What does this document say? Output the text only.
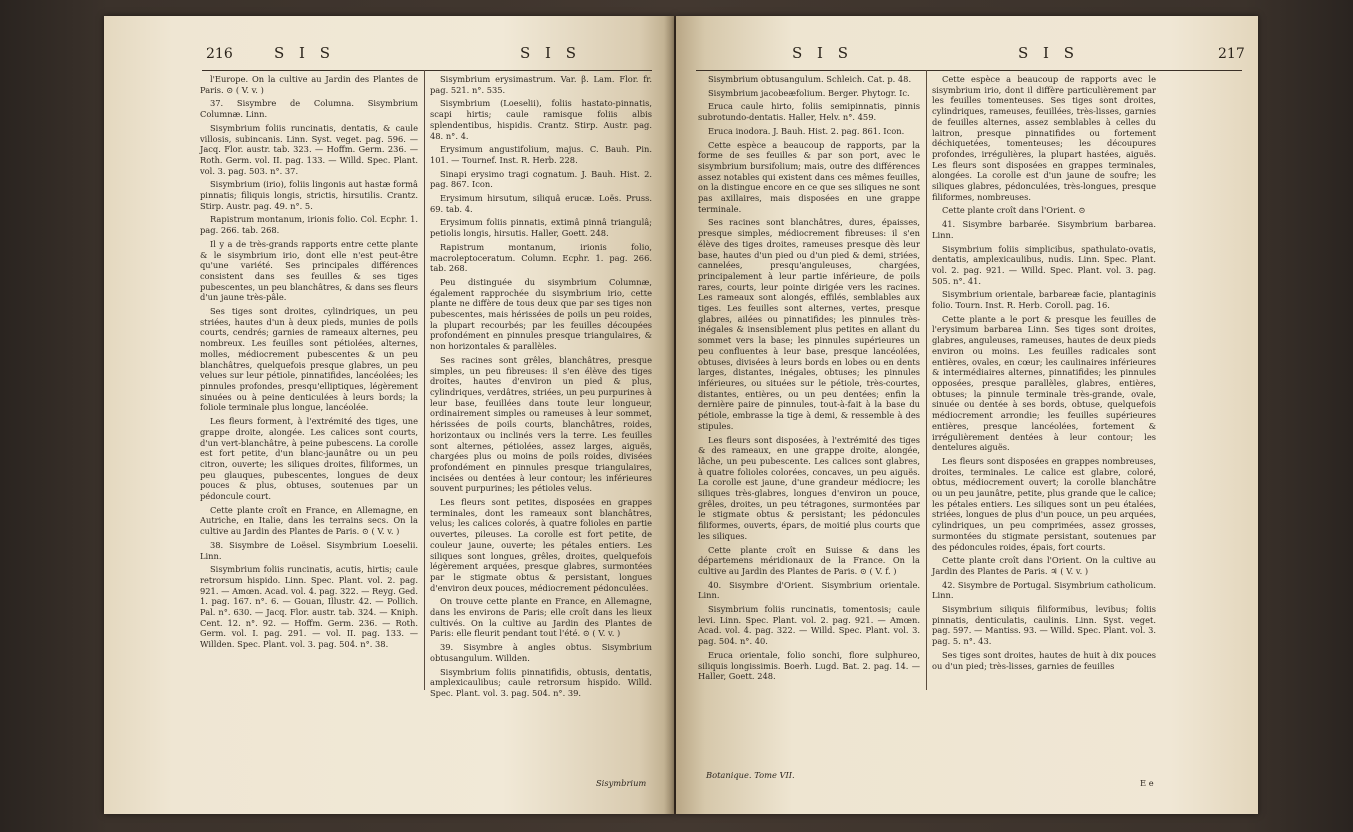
216	S I S	S I S

l'Europe. On la cultive au Jardin des Plantes de Paris. ⊙ ( V. v. )

37. Sisymbre de Columna. Sisymbrium Columnæ. Linn.

Sisymbrium foliis runcinatis, dentatis, & caule villosis, subincanis. Linn. Syst. veget. pag. 596. — Jacq. Flor. austr. tab. 323. — Hoffm. Germ. 236. — Roth. Germ. vol. II. pag. 133. — Willd. Spec. Plant. vol. 3. pag. 503. n°. 37.

Sisymbrium (irio), foliis lingonis aut hastæ formâ pinnatis; filiquis longis, strictis, hirsutilis. Crantz. Stirp. Austr. pag. 49. n°. 5.

Rapistrum montanum, irionis folio. Col. Ecphr. 1. pag. 266. tab. 268.

Il y a de très-grands rapports entre cette plante & le sisymbrium irio, dont elle n'est peut-être qu'une variété. Ses principales différences consistent dans ses feuilles & ses tiges pubescentes, un peu blanchâtres, & dans ses fleurs d'un jaune très-pâle.

Ses tiges sont droites, cylindriques, un peu striées, hautes d'un à deux pieds, munies de poils courts, cendrés; garnies de rameaux alternes, peu nombreux. Les feuilles sont pétiolées, alternes, molles, médiocrement pubescentes & un peu blanchâtres, quelquefois presque glabres, un peu velues sur leur pétiole, pinnatifides, lancéolées; les pinnules profondes, presqu'elliptiques, légèrement sinuées ou à peine denticulées à leurs bords; la foliole terminale plus longue, lancéolée.

Les fleurs forment, à l'extrémité des tiges, une grappe droite, alongée. Les calices sont courts, d'un vert-blanchâtre, à peine pubescens. La corolle est fort petite, d'un blanc-jaunâtre ou un peu citron, ouverte; les siliques droites, filiformes, un peu glauques, pubescentes, longues de deux pouces & plus, obtuses, soutenues par un pédoncule court.

Cette plante croît en France, en Allemagne, en Autriche, en Italie, dans les terrains secs. On la cultive au Jardin des Plantes de Paris. ⊙ ( V. v. )

38. Sisymbre de Loësel. Sisymbrium Loeselii. Linn.

Sisymbrium foliis runcinatis, acutis, hirtis; caule retrorsum hispido. Linn. Spec. Plant. vol. 2. pag. 921. — Amœn. Acad. vol. 4. pag. 322. — Reyg. Ged. 1. pag. 167. n°. 6. — Gouan, Illustr. 42. — Pollich. Pal. n°. 630. — Jacq. Flor. austr. tab. 324. — Kniph. Cent. 12. n°. 92. — Hoffm. Germ. 236. — Roth. Germ. vol. I. pag. 291. — vol. II. pag. 133. — Willden. Spec. Plant. vol. 3. pag. 504. n°. 38.

Sisymbrium erysimastrum. Var. β. Lam. Flor. fr. pag. 521. n°. 535.

Sisymbrium (Loeselii), foliis hastato-pinnatis, scapi hirtis; caule ramisque foliis albis splendentibus, hispidis. Crantz. Stirp. Austr. pag. 48. n°. 4.

Erysimum angustifolium, majus. C. Bauh. Pin. 101. — Tournef. Inst. R. Herb. 228.

Sinapi erysimo tragi cognatum. J. Bauh. Hist. 2. pag. 867. Icon.

Erysimum hirsutum, siliquâ erucæ. Loës. Pruss. 69. tab. 4.

Erysimum foliis pinnatis, extimâ pinnâ triangulâ; petiolis longis, hirsutis. Haller, Goett. 248.

Rapistrum montanum, irionis folio, macroleptoceratum. Column. Ecphr. 1. pag. 266. tab. 268.

Peu distinguée du sisymbrium Columnæ, également rapprochée du sisymbrium irio, cette plante ne diffère de tous deux que par ses tiges non pubescentes, mais hérissées de poils un peu roides, la plupart recourbés; par les feuilles découpées profondément en pinnules presque triangulaires, & non horizontales & parallèles.

Ses racines sont grêles, blanchâtres, presque simples, un peu fibreuses: il s'en élève des tiges droites, hautes d'environ un pied & plus, cylindriques, verdâtres, striées, un peu purpurines à leur base, feuillées dans toute leur longueur, ordinairement simples ou rameuses à leur sommet, hérissées de poils courts, blanchâtres, roides, horizontaux ou inclinés vers la terre. Les feuilles sont alternes, pétiolées, assez larges, aiguës, chargées plus ou moins de poils roides, divisées profondément en pinnules presque triangulaires, incisées ou dentées à leur contour; les inférieures souvent purpurines; les pétioles velus.

Les fleurs sont petites, disposées en grappes terminales, dont les rameaux sont blanchâtres, velus; les calices colorés, à quatre folioles en partie ouvertes, pileuses. La corolle est fort petite, de couleur jaune, ouverte; les pétales entiers. Les siliques sont longues, grêles, droites, quelquefois légèrement arquées, presque glabres, surmontées par le stigmate obtus & persistant, longues d'environ deux pouces, médiocrement pédonculées.

On trouve cette plante en France, en Allemagne, dans les environs de Paris; elle croît dans les lieux cultivés. On la cultive au Jardin des Plantes de Paris: elle fleurit pendant tout l'été. ⊙ ( V. v. )

39. Sisymbre à angles obtus. Sisymbrium obtusangulum. Willden.

Sisymbrium foliis pinnatifidis, obtusis, dentatis, amplexicaulibus; caule retrorsum hispido. Willd. Spec. Plant. vol. 3. pag. 504. n°. 39.

Sisymbrium
S I S	S I S	217

Sisymbrium obtusangulum. Schleich. Cat. p. 48.

Sisymbrium jacobeæfolium. Berger. Phytogr. Ic.

Eruca caule hirto, foliis semipinnatis, pinnis subrotundo-dentatis. Haller, Helv. n°. 459.

Eruca inodora. J. Bauh. Hist. 2. pag. 861. Icon.

Cette espèce a beaucoup de rapports, par la forme de ses feuilles & par son port, avec le sisymbrium bursifolium; mais, outre des différences assez notables qui existent dans ces mêmes feuilles, on la distingue encore en ce que ses siliques ne sont pas axillaires, mais disposées en une grappe terminale.

Ses racines sont blanchâtres, dures, épaisses, presque simples, médiocrement fibreuses: il s'en élève des tiges droites, rameuses presque dès leur base, hautes d'un pied ou d'un pied & demi, striées, cannelées, presqu'anguleuses, chargées, principalement à leur partie inférieure, de poils rares, courts, leur pointe dirigée vers les racines. Les rameaux sont alongés, effilés, semblables aux tiges. Les feuilles sont alternes, vertes, presque glabres, ailées ou pinnatifides; les pinnules très-inégales & insensiblement plus petites en allant du sommet vers la base; les pinnules supérieures un peu confluentes à leur base, presque lancéolées, obtuses, divisées à leurs bords en lobes ou en dents larges, distantes, inégales, obtuses; les pinnules inférieures, ou situées sur le pétiole, très-courtes, distantes, entières, ou un peu dentées; enfin la dernière paire de pinnules, tout-à-fait à la base du pétiole, embrasse la tige à demi, & ressemble à des stipules.

Les fleurs sont disposées, à l'extrémité des tiges & des rameaux, en une grappe droite, alongée, lâche, un peu pubescente. Les calices sont glabres, à quatre folioles colorées, concaves, un peu aiguës. La corolle est jaune, d'une grandeur médiocre; les siliques très-glabres, longues d'environ un pouce, grêles, droites, un peu tétragones, surmontées par le stigmate obtus & persistant; les pédoncules filiformes, ouverts, épars, de moitié plus courts que les siliques.

Cette plante croît en Suisse & dans les départemens méridionaux de la France. On la cultive au Jardin des Plantes de Paris. ⊙ ( V. f. )

40. Sisymbre d'Orient. Sisymbrium orientale. Linn.

Sisymbrium foliis runcinatis, tomentosis; caule levi. Linn. Spec. Plant. vol. 2. pag. 921. — Amœn. Acad. vol. 4. pag. 322. — Willd. Spec. Plant. vol. 3. pag. 504. n°. 40.

Eruca orientale, folio sonchi, flore sulphureo, siliquis longissimis. Boerh. Lugd. Bat. 2. pag. 14. — Haller, Goett. 248.

Cette espèce a beaucoup de rapports avec le sisymbrium irio, dont il diffère particulièrement par les feuilles tomenteuses. Ses tiges sont droites, cylindriques, rameuses, feuillées, très-lisses, garnies de feuilles alternes, assez semblables à celles du laitron, presque pinnatifides ou fortement déchiquetées, tomenteuses; les découpures profondes, irrégulières, la plupart hastées, aiguës. Les fleurs sont disposées en grappes terminales, alongées. La corolle est d'un jaune de soufre; les siliques glabres, pédonculées, très-longues, presque filiformes, nombreuses.

Cette plante croît dans l'Orient. ⊙

41. Sisymbre barbarée. Sisymbrium barbarea. Linn.

Sisymbrium foliis simplicibus, spathulato-ovatis, dentatis, amplexicaulibus, nudis. Linn. Spec. Plant. vol. 2. pag. 921. — Willd. Spec. Plant. vol. 3. pag. 505. n°. 41.

Sisymbrium orientale, barbareæ facie, plantaginis folio. Tourn. Inst. R. Herb. Coroll. pag. 16.

Cette plante a le port & presque les feuilles de l'erysimum barbarea Linn. Ses tiges sont droites, glabres, anguleuses, rameuses, hautes de deux pieds environ ou moins. Les feuilles radicales sont entières, ovales, en cœur; les caulinaires inférieures & intermédiaires alternes, pinnatifides; les pinnules opposées, presque parallèles, glabres, entières, obtuses; la pinnule terminale très-grande, ovale, sinuée ou dentée à ses bords, obtuse, quelquefois médiocrement arrondie; les feuilles supérieures entières, presque lancéolées, fortement & irrégulièrement dentées à leur contour; les dentelures aiguës.

Les fleurs sont disposées en grappes nombreuses, droites, terminales. Le calice est glabre, coloré, obtus, médiocrement ouvert; la corolle blanchâtre ou un peu jaunâtre, petite, plus grande que le calice; les pétales entiers. Les siliques sont un peu étalées, striées, longues de plus d'un pouce, un peu arquées, cylindriques, un peu comprimées, assez grosses, surmontées du stigmate persistant, soutenues par des pédoncules roides, épais, fort courts.

Cette plante croît dans l'Orient. On la cultive au Jardin des Plantes de Paris. ♃ ( V. v. )

42. Sisymbre de Portugal. Sisymbrium catholicum. Linn.

Sisymbrium siliquis filiformibus, levibus; foliis pinnatis, denticulatis, caulinis. Linn. Syst. veget. pag. 597. — Mantiss. 93. — Willd. Spec. Plant. vol. 3. pag. 5. n°. 43.

Ses tiges sont droites, hautes de huit à dix pouces ou d'un pied; très-lisses, garnies de feuilles

Botanique. Tome VII.
E e
